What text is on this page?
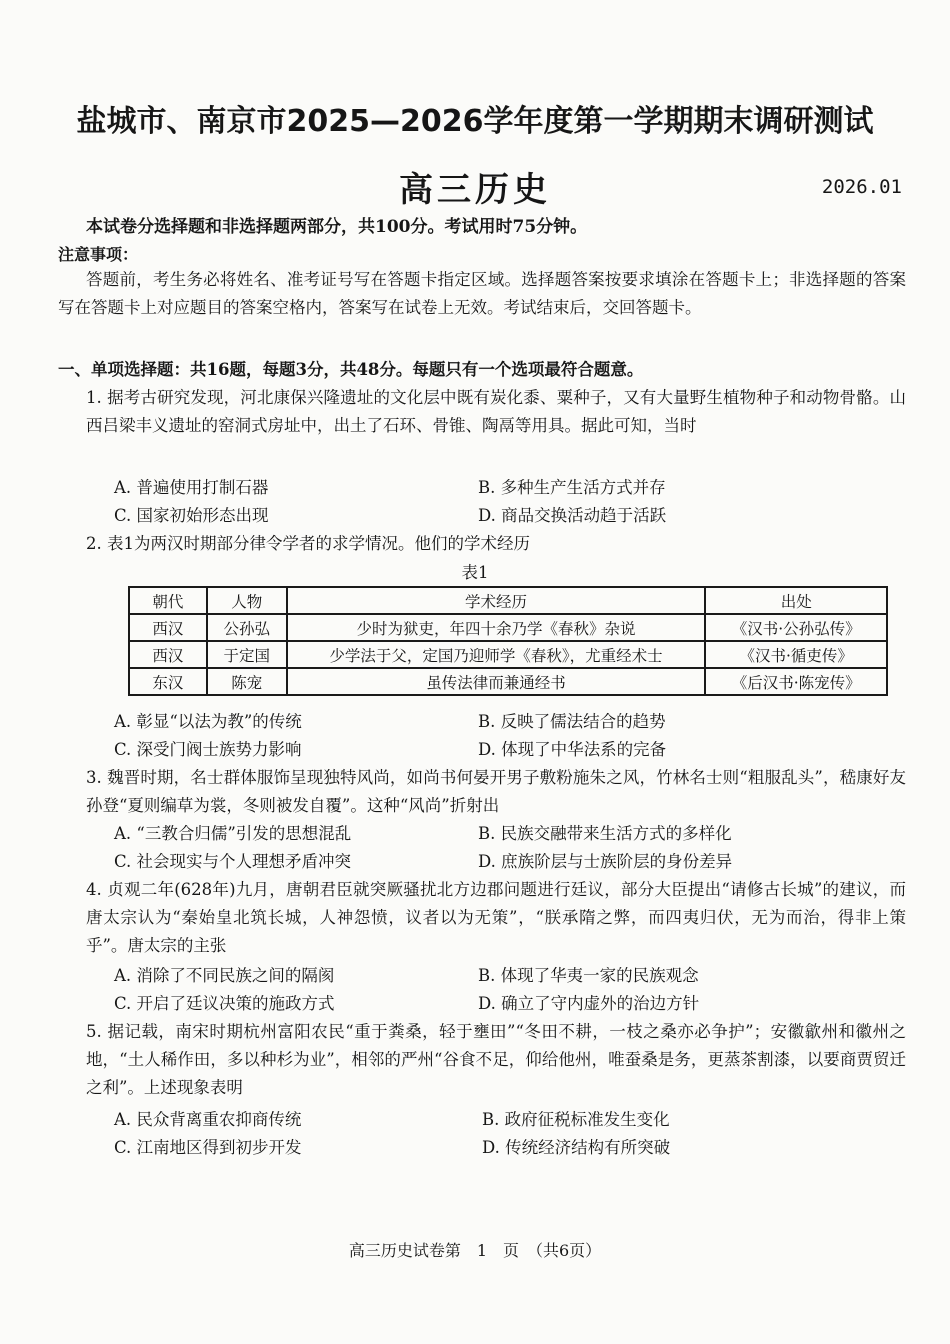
盐城市、南京市2025—2026学年度第一学期期末调研测试
高三历史	2026.01
本试卷分选择题和非选择题两部分，共100分。考试用时75分钟。
注意事项：
答题前，考生务必将姓名、准考证号写在答题卡指定区域。选择题答案按要求填涂在答题卡上；非选择题的答案写在答题卡上对应题目的答案空格内，答案写在试卷上无效。考试结束后，交回答题卡。
一、单项选择题：共16题，每题3分，共48分。每题只有一个选项最符合题意。
1. 据考古研究发现，河北康保兴隆遗址的文化层中既有炭化黍、粟种子，又有大量野生植物种子和动物骨骼。山西吕梁丰义遗址的窑洞式房址中，出土了石环、骨锥、陶鬲等用具。据此可知，当时
A. 普遍使用打制石器	B. 多种生产生活方式并存
C. 国家初始形态出现	D. 商品交换活动趋于活跃
2. 表1为两汉时期部分律令学者的求学情况。他们的学术经历
表1
朝代	人物	学术经历	出处
西汉	公孙弘	少时为狱吏，年四十余乃学《春秋》杂说	《汉书·公孙弘传》
西汉	于定国	少学法于父，定国乃迎师学《春秋》，尤重经术士	《汉书·循吏传》
东汉	陈宠	虽传法律而兼通经书	《后汉书·陈宠传》
A. 彰显“以法为教”的传统	B. 反映了儒法结合的趋势
C. 深受门阀士族势力影响	D. 体现了中华法系的完备
3. 魏晋时期，名士群体服饰呈现独特风尚，如尚书何晏开男子敷粉施朱之风，竹林名士则“粗服乱头”，嵇康好友孙登“夏则编草为裳，冬则被发自覆”。这种“风尚”折射出
A. “三教合归儒”引发的思想混乱	B. 民族交融带来生活方式的多样化
C. 社会现实与个人理想矛盾冲突	D. 庶族阶层与士族阶层的身份差异
4. 贞观二年(628年)九月，唐朝君臣就突厥骚扰北方边郡问题进行廷议，部分大臣提出“请修古长城”的建议，而唐太宗认为“秦始皇北筑长城，人神怨愤，议者以为无策”，“朕承隋之弊，而四夷归伏，无为而治，得非上策乎”。唐太宗的主张
A. 消除了不同民族之间的隔阂	B. 体现了华夷一家的民族观念
C. 开启了廷议决策的施政方式	D. 确立了守内虚外的治边方针
5. 据记载，南宋时期杭州富阳农民“重于粪桑，轻于壅田”“冬田不耕，一枝之桑亦必争护”；安徽歙州和徽州之地，“土人稀作田，多以种杉为业”，相邻的严州“谷食不足，仰给他州，唯蚕桑是务，更蒸茶割漆，以要商贾贸迁之利”。上述现象表明
A. 民众背离重农抑商传统	B. 政府征税标准发生变化
C. 江南地区得到初步开发	D. 传统经济结构有所突破
高三历史试卷第　1　页　（共6页）
